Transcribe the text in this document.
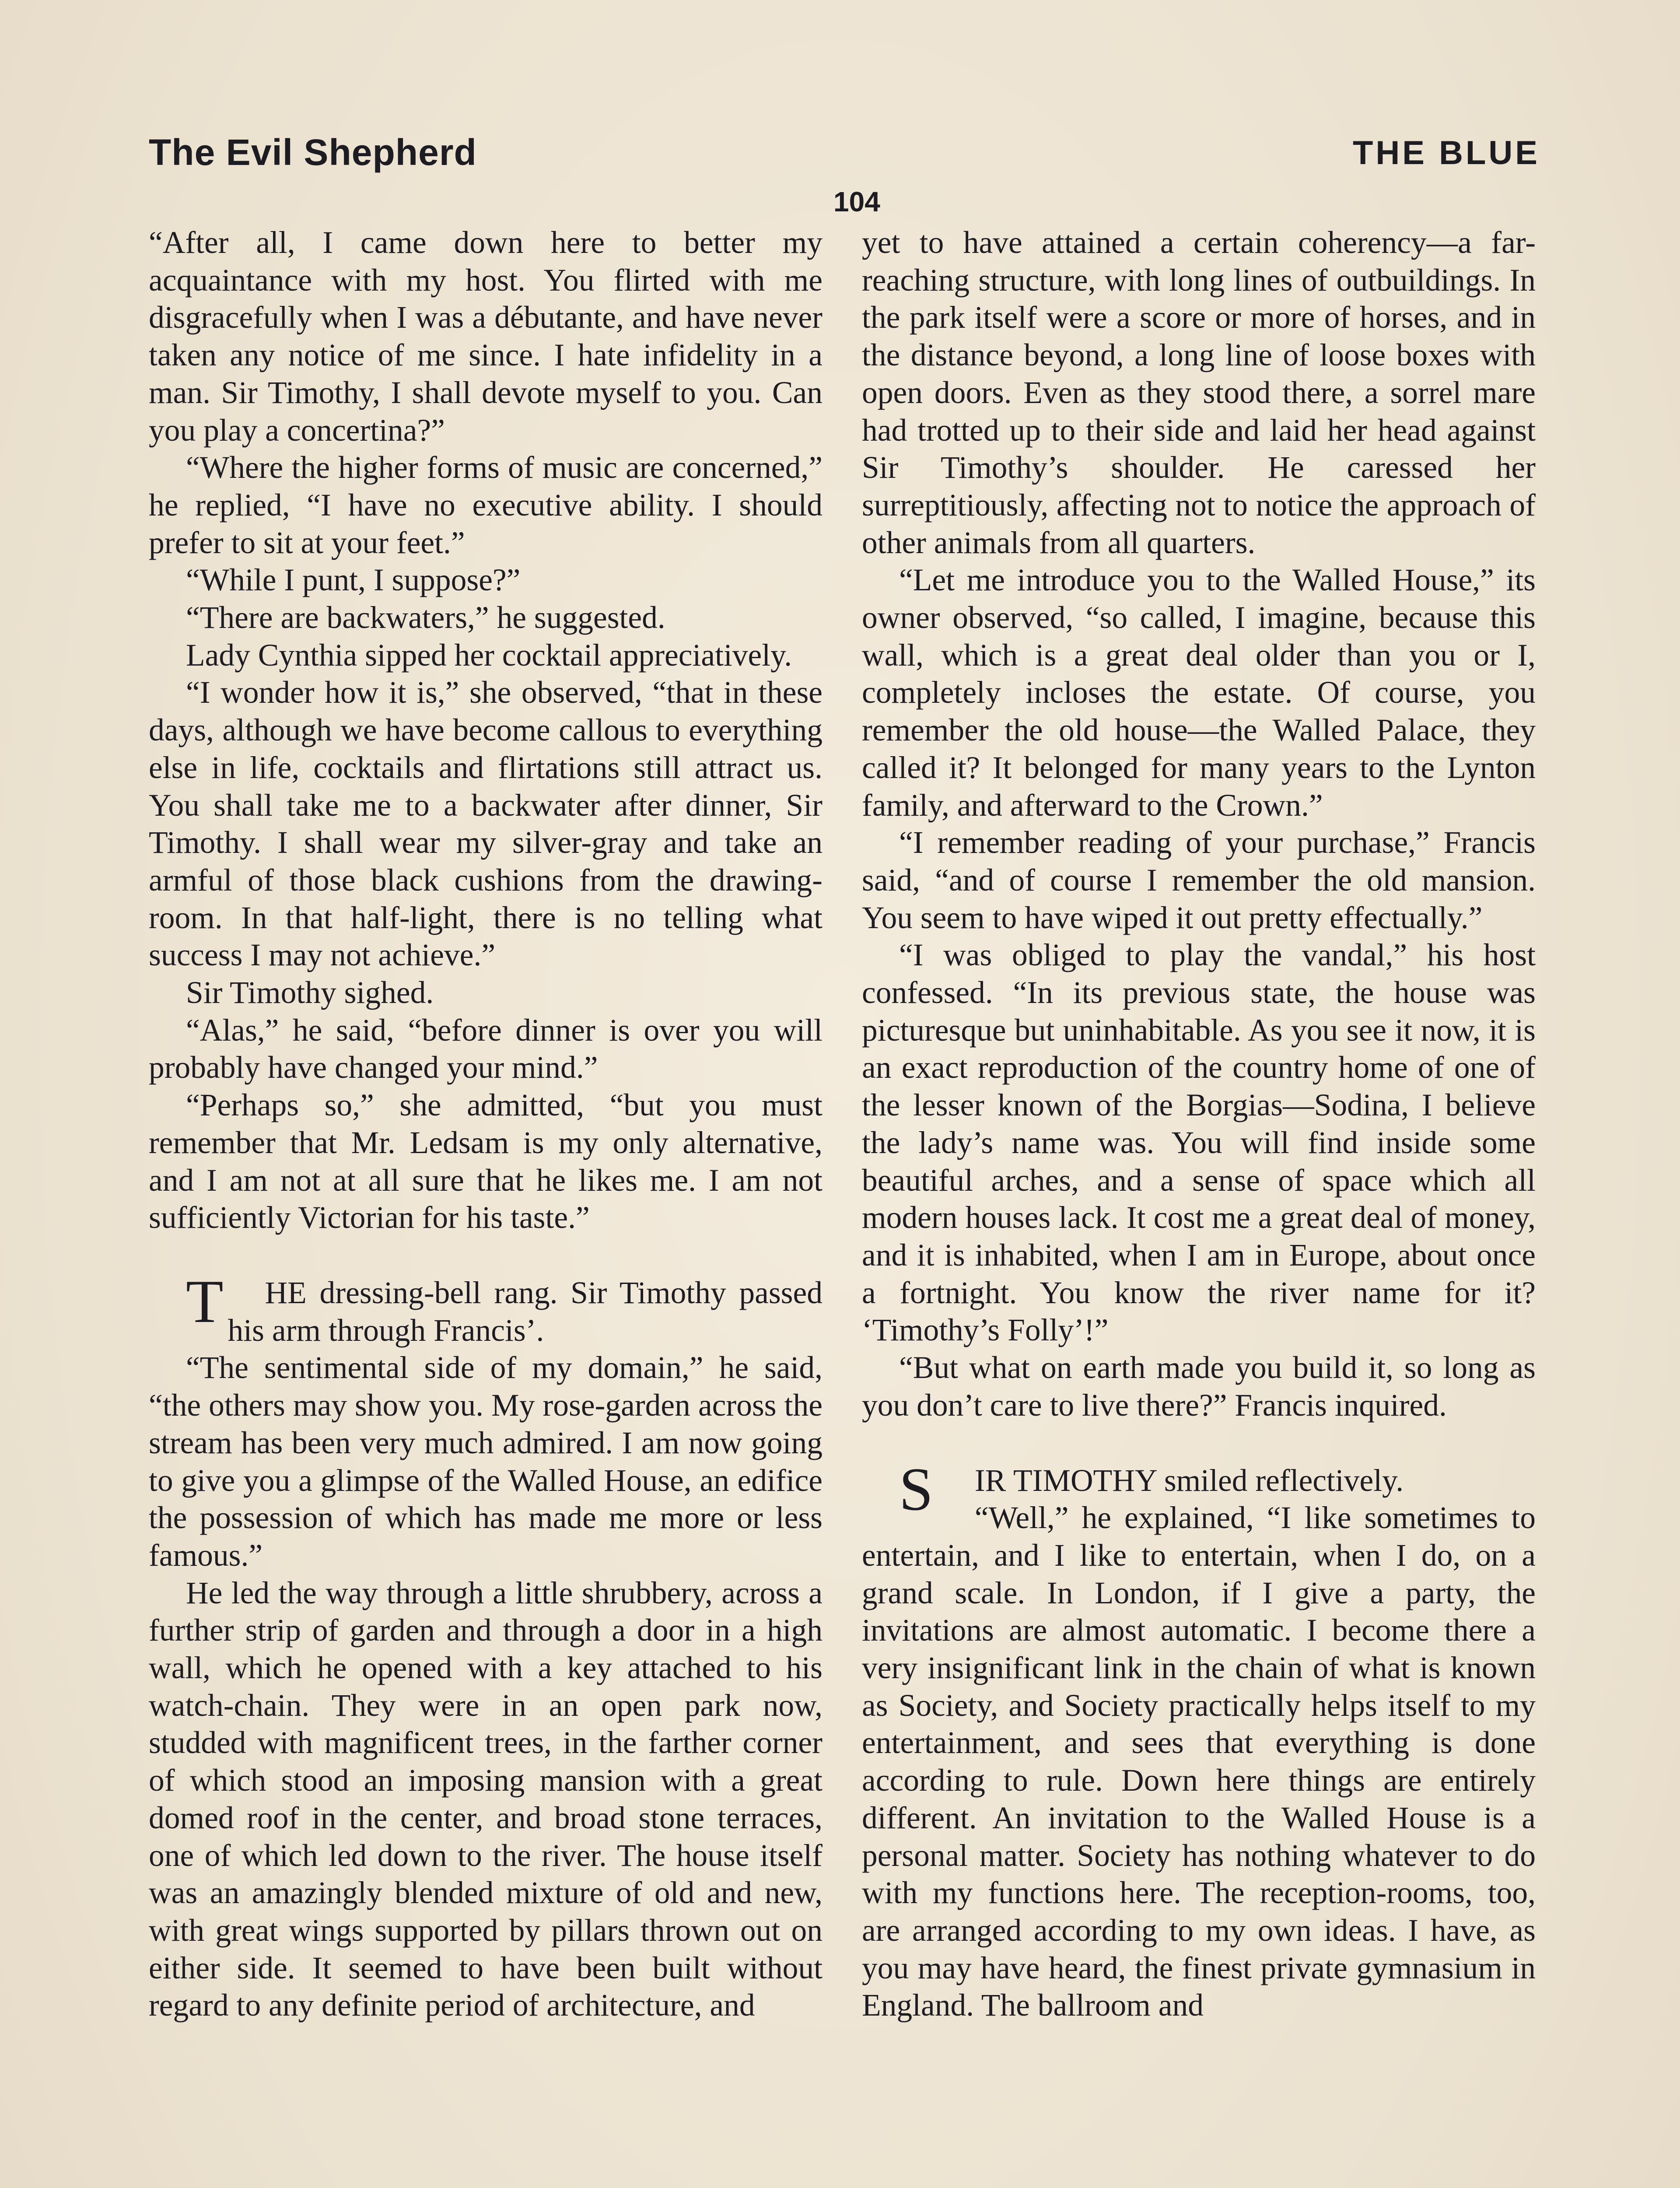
The Evil Shepherd	THE BLUE
104

“After all, I came down here to better my acquaintance with my host. You flirted with me disgracefully when I was a débutante, and have never taken any notice of me since. I hate infidelity in a man. Sir Timothy, I shall devote myself to you. Can you play a concertina?”

“Where the higher forms of music are concerned,” he replied, “I have no executive ability. I should prefer to sit at your feet.”

“While I punt, I suppose?”

“There are backwaters,” he suggested.

Lady Cynthia sipped her cocktail appreciatively.

“I wonder how it is,” she observed, “that in these days, although we have become callous to everything else in life, cocktails and flirtations still attract us. You shall take me to a backwater after dinner, Sir Timothy. I shall wear my silver-gray and take an armful of those black cushions from the drawing-room. In that half-light, there is no telling what success I may not achieve.”

Sir Timothy sighed.

“Alas,” he said, “before dinner is over you will probably have changed your mind.”

“Perhaps so,” she admitted, “but you must remember that Mr. Ledsam is my only alternative, and I am not at all sure that he likes me. I am not sufficiently Victorian for his taste.”

T HE dressing-bell rang. Sir Timothy passed his arm through Francis’.

“The sentimental side of my domain,” he said, “the others may show you. My rose-garden across the stream has been very much admired. I am now going to give you a glimpse of the Walled House, an edifice the possession of which has made me more or less famous.”

He led the way through a little shrubbery, across a further strip of garden and through a door in a high wall, which he opened with a key attached to his watch-chain. They were in an open park now, studded with magnificent trees, in the farther corner of which stood an imposing mansion with a great domed roof in the center, and broad stone terraces, one of which led down to the river. The house itself was an amazingly blended mixture of old and new, with great wings supported by pillars thrown out on either side. It seemed to have been built without regard to any definite period of architecture, and

yet to have attained a certain coherency—a far-reaching structure, with long lines of outbuildings. In the park itself were a score or more of horses, and in the distance beyond, a long line of loose boxes with open doors. Even as they stood there, a sorrel mare had trotted up to their side and laid her head against Sir Timothy’s shoulder. He caressed her surreptitiously, affecting not to notice the approach of other animals from all quarters.

“Let me introduce you to the Walled House,” its owner observed, “so called, I imagine, because this wall, which is a great deal older than you or I, completely incloses the estate. Of course, you remember the old house—the Walled Palace, they called it? It belonged for many years to the Lynton family, and afterward to the Crown.”

“I remember reading of your purchase,” Francis said, “and of course I remember the old mansion. You seem to have wiped it out pretty effectually.”

“I was obliged to play the vandal,” his host confessed. “In its previous state, the house was picturesque but uninhabitable. As you see it now, it is an exact reproduction of the country home of one of the lesser known of the Borgias—Sodina, I believe the lady’s name was. You will find inside some beautiful arches, and a sense of space which all modern houses lack. It cost me a great deal of money, and it is inhabited, when I am in Europe, about once a fortnight. You know the river name for it? ‘Timothy’s Folly’!”

“But what on earth made you build it, so long as you don’t care to live there?” Francis inquired.

S IR TIMOTHY smiled reflectively.

“Well,” he explained, “I like sometimes to entertain, and I like to entertain, when I do, on a grand scale. In London, if I give a party, the invitations are almost automatic. I become there a very insignificant link in the chain of what is known as Society, and Society practically helps itself to my entertainment, and sees that everything is done according to rule. Down here things are entirely different. An invitation to the Walled House is a personal matter. Society has nothing whatever to do with my functions here. The reception-rooms, too, are arranged according to my own ideas. I have, as you may have heard, the finest private gymnasium in England. The ballroom and
